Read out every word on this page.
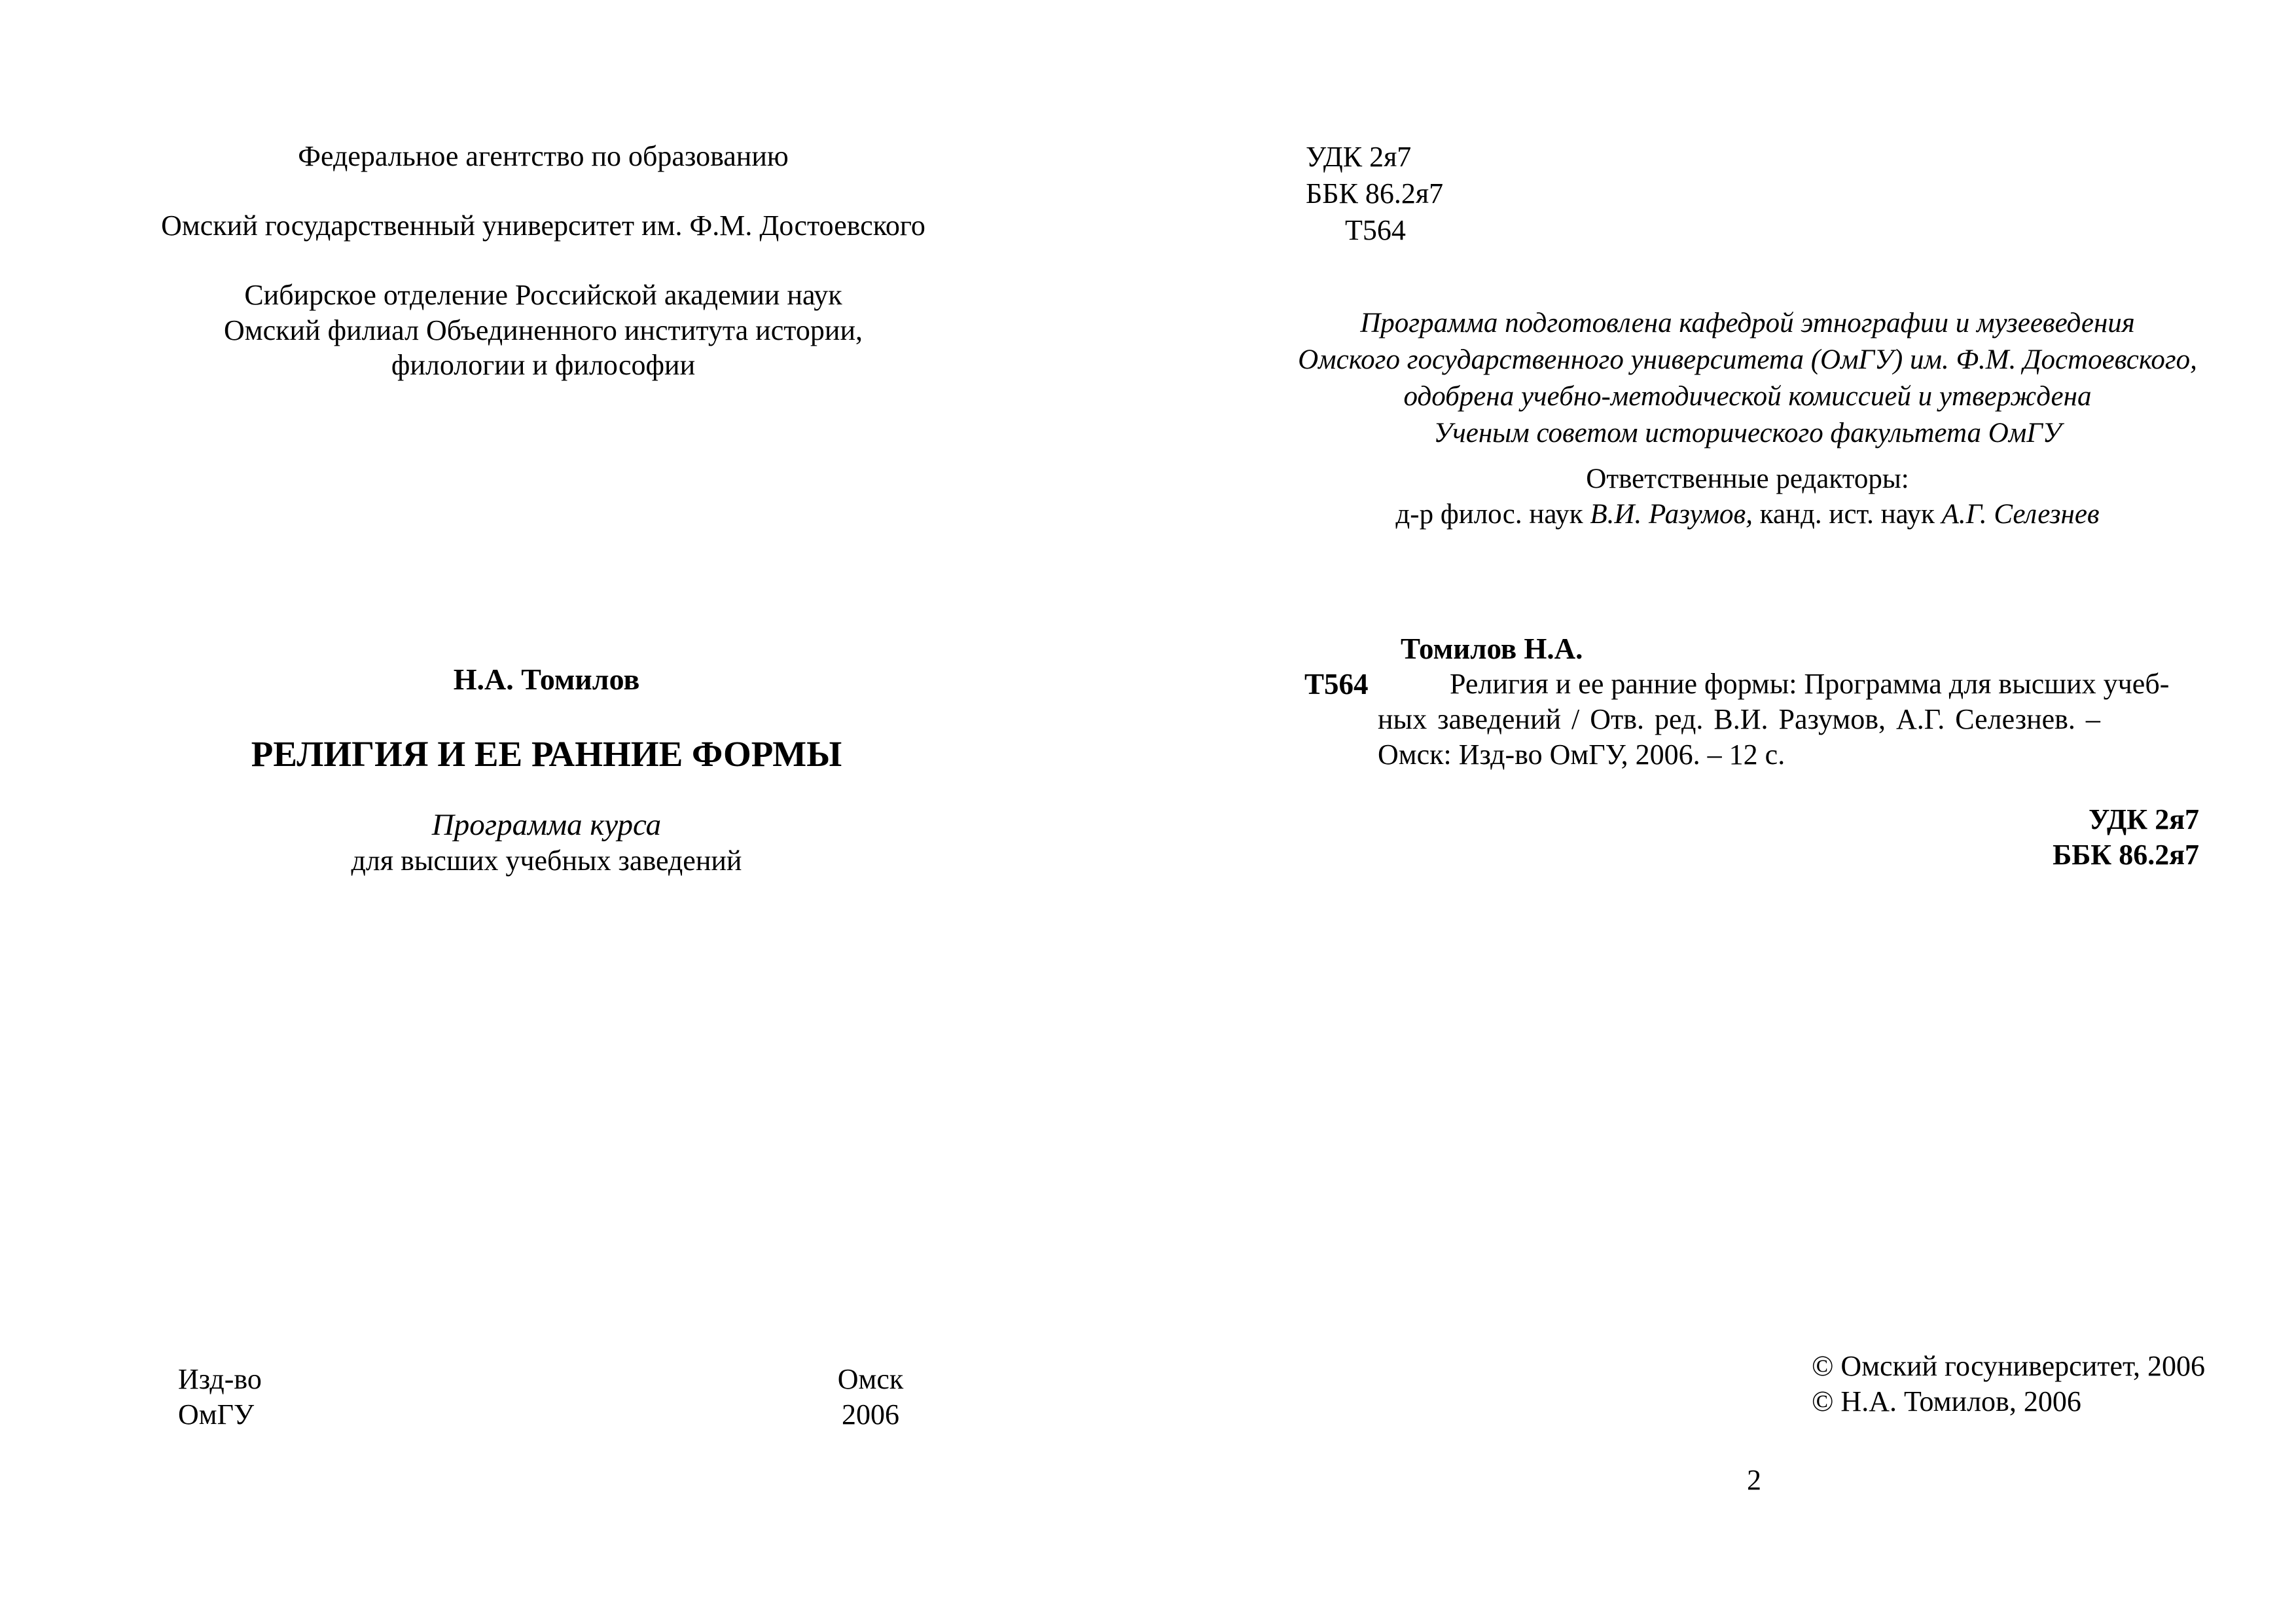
Федеральное агентство по образованию
Омский государственный университет им. Ф.М. Достоевского
Сибирское отделение Российской академии наук
Омский филиал Объединенного института истории,
филологии и философии
Н.А. Томилов
РЕЛИГИЯ И ЕЕ РАННИЕ ФОРМЫ
Программа курса
для высших учебных заведений
Изд-во
ОмГУ
Омск
2006
УДК 2я7
ББК 86.2я7
Т564
Программа подготовлена кафедрой этнографии и музееведения
Омского государственного университета (ОмГУ) им. Ф.М. Достоевского,
одобрена учебно-методической комиссией и утверждена
Ученым советом исторического факультета ОмГУ
Ответственные редакторы:
д-р филос. наук В.И. Разумов, канд. ист. наук А.Г. Селезнев
Томилов Н.А.
Т564	Религия и ее ранние формы: Программа для высших учеб-
ных заведений / Отв. ред. В.И. Разумов, А.Г. Селезнев. –
Омск: Изд-во ОмГУ, 2006. – 12 с.
УДК 2я7
ББК 86.2я7
© Омский госуниверситет, 2006
© Н.А. Томилов, 2006
2
